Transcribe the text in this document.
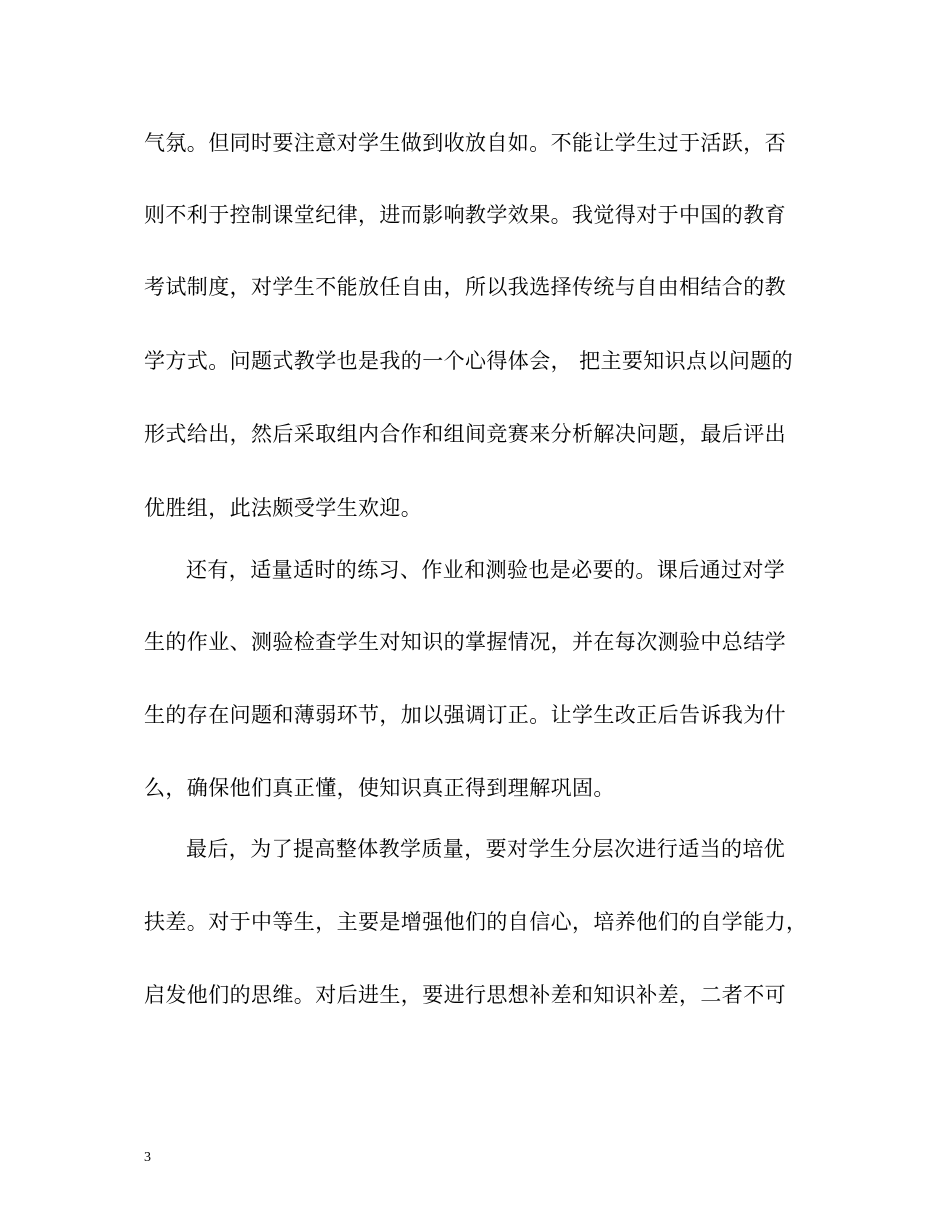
气氛。但同时要注意对学生做到收放自如。不能让学生过于活跃，否
则不利于控制课堂纪律，进而影响教学效果。我觉得对于中国的教育
考试制度，对学生不能放任自由，所以我选择传统与自由相结合的教
学方式。问题式教学也是我的一个心得体会， 把主要知识点以问题的
形式给出，然后采取组内合作和组间竞赛来分析解决问题，最后评出
优胜组，此法颇受学生欢迎。
还有，适量适时的练习、作业和测验也是必要的。课后通过对学
生的作业、测验检查学生对知识的掌握情况，并在每次测验中总结学
生的存在问题和薄弱环节，加以强调订正。让学生改正后告诉我为什
么，确保他们真正懂，使知识真正得到理解巩固。
最后，为了提高整体教学质量，要对学生分层次进行适当的培优
扶差。对于中等生，主要是增强他们的自信心，培养他们的自学能力，
启发他们的思维。对后进生，要进行思想补差和知识补差，二者不可
3
